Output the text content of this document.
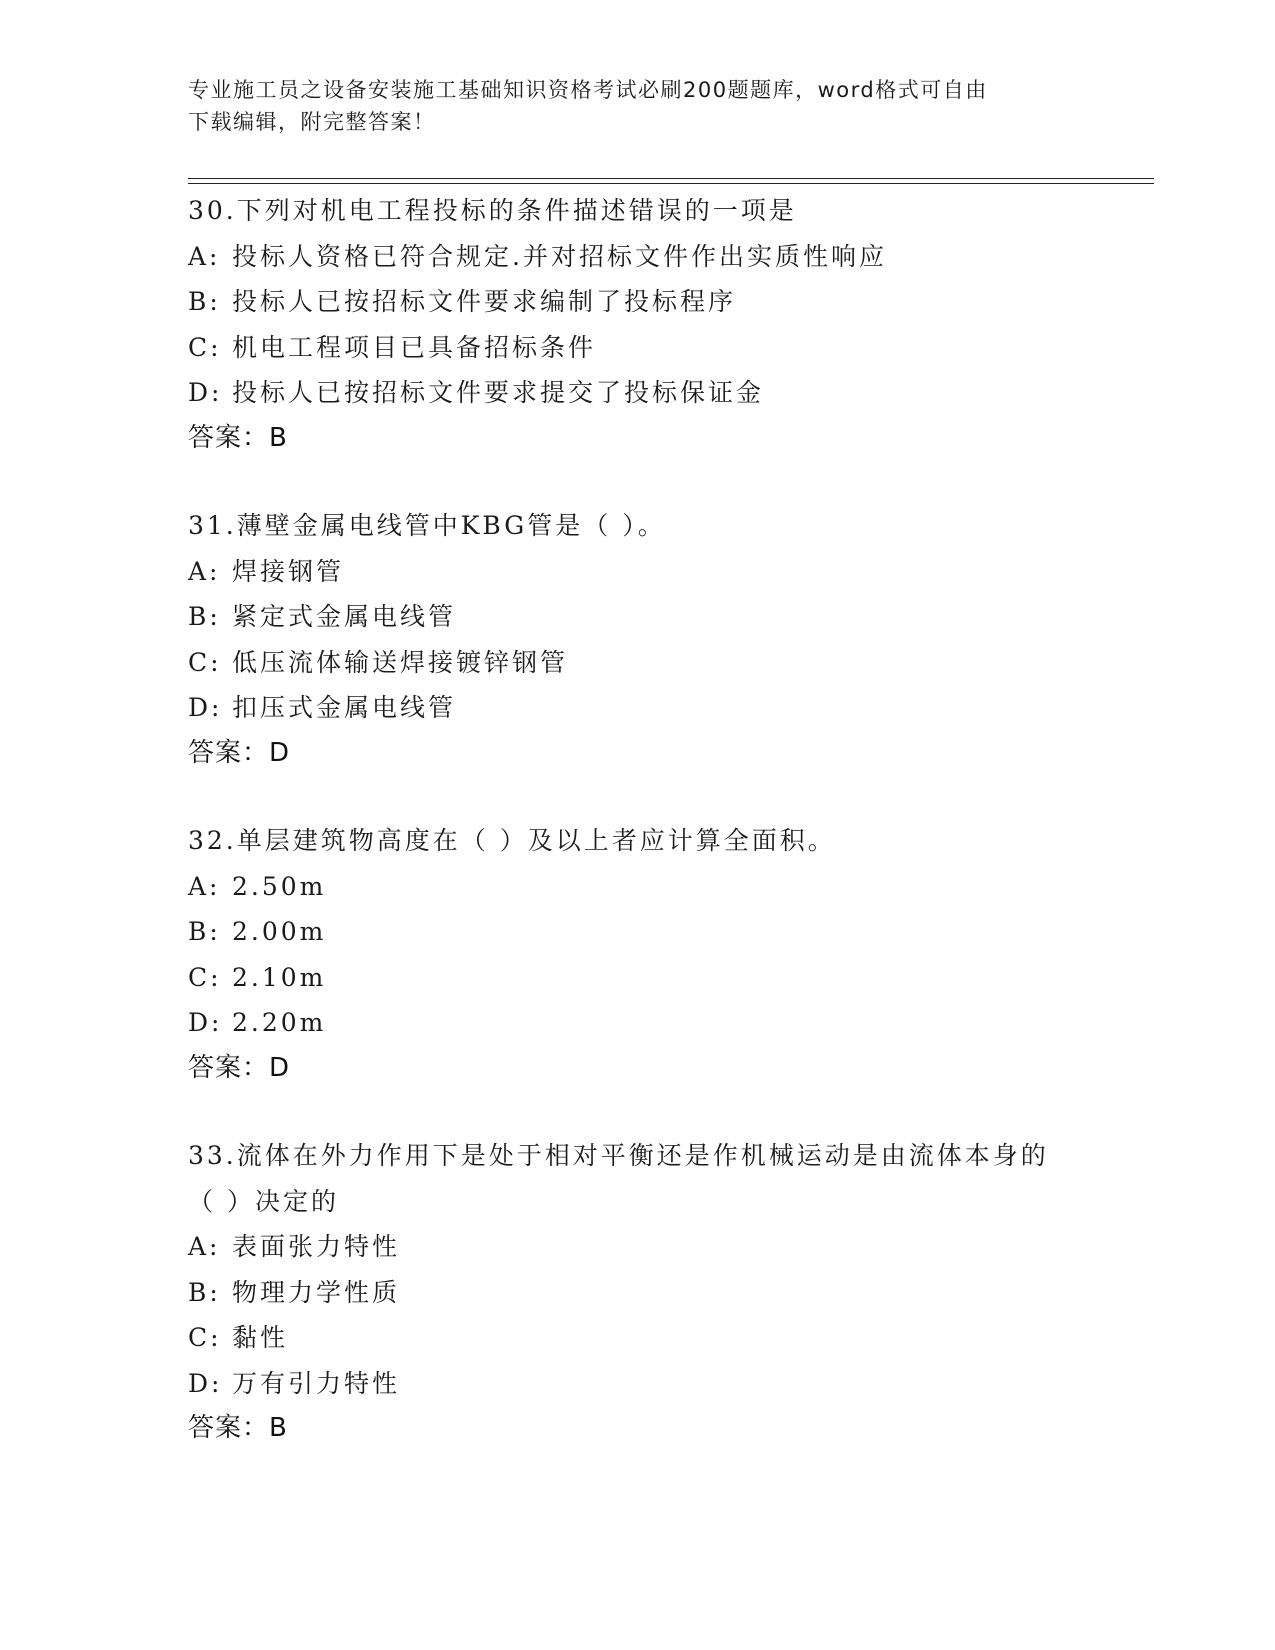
专业施工员之设备安装施工基础知识资格考试必刷200题题库，word格式可自由
下载编辑，附完整答案！
30.下列对机电工程投标的条件描述错误的一项是
A: 投标人资格已符合规定.并对招标文件作出实质性响应
B: 投标人已按招标文件要求编制了投标程序
C: 机电工程项目已具备招标条件
D: 投标人已按招标文件要求提交了投标保证金
答案：B
31.薄壁金属电线管中KBG管是（ ）。
A: 焊接钢管
B: 紧定式金属电线管
C: 低压流体输送焊接镀锌钢管
D: 扣压式金属电线管
答案：D
32.单层建筑物高度在（ ）及以上者应计算全面积。
A: 2.50m
B: 2.00m
C: 2.10m
D: 2.20m
答案：D
33.流体在外力作用下是处于相对平衡还是作机械运动是由流体本身的
（ ）决定的
A: 表面张力特性
B: 物理力学性质
C: 黏性
D: 万有引力特性
答案：B
